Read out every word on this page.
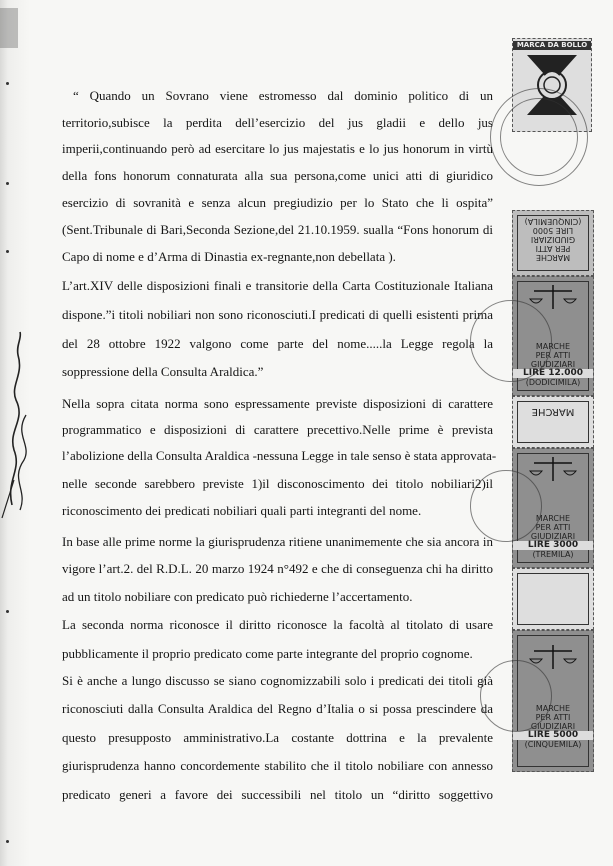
“ Quando un Sovrano viene estromesso dal dominio politico di un
territorio,subisce la perdita dell’esercizio del jus gladii e dello jus
imperii,continuando però ad esercitare lo jus majestatis e lo jus honorum in virtù
della fons honorum connaturata alla sua persona,come unici atti di giuridico
esercizio di sovranità e senza alcun pregiudizio per lo Stato che li ospita”
(Sent.Tribunale di Bari,Seconda Sezione,del 21.10.1959. sualla “Fons honorum di
Capo di nome e d’Arma di Dinastia ex-regnante,non debellata ).
L’art.XIV delle disposizioni finali e transitorie della Carta Costituzionale Italiana
dispone.”i titoli nobiliari non sono riconosciuti.I predicati di quelli esistenti prima
del 28 ottobre 1922 valgono come parte del nome.....la Legge regola la
soppressione della Consulta Araldica.”
Nella sopra citata norma sono espressamente previste disposizioni di carattere
programmatico e disposizioni di carattere precettivo.Nelle prime è prevista
l’abolizione della Consulta Araldica -nessuna Legge in tale senso è stata approvata-
nelle seconde sarebbero previste 1)il disconoscimento dei titolo nobiliari2)il
riconoscimento dei predicati nobiliari quali parti integranti del nome.
In base alle prime norme la giurisprudenza ritiene unanimemente che sia ancora in
vigore l’art.2. del R.D.L. 20 marzo 1924 n°492 e che di conseguenza chi ha diritto
ad un titolo nobiliare con predicato può richiederne l’accertamento.
La seconda norma riconosce il diritto riconosce la facoltà al titolato di usare
pubblicamente il proprio predicato come parte integrante del proprio cognome.
Si è anche a lungo discusso se siano cognomizzabili solo i predicati dei titoli già
riconosciuti dalla Consulta Araldica del Regno d’Italia o si possa prescindere da
questo presupposto amministrativo.La costante dottrina e la prevalente
giurisprudenza hanno concordemente stabilito che il titolo nobiliare con annesso
predicato generi a favore dei successibili nel titolo un “diritto soggettivo
MARCA DA BOLLO
MARCHE
PER ATTI
GIUDIZIARI
LIRE 5000
(CINQUEMILA)
MARCHE
PER ATTI
GIUDIZIARI
LIRE 12.000
(DODICIMILA)
MARCHE
MARCHE
PER ATTI
GIUDIZIARI
LIRE 3000
(TREMILA)
MARCHE
PER ATTI
GIUDIZIARI
LIRE 5000
(CINQUEMILA)
